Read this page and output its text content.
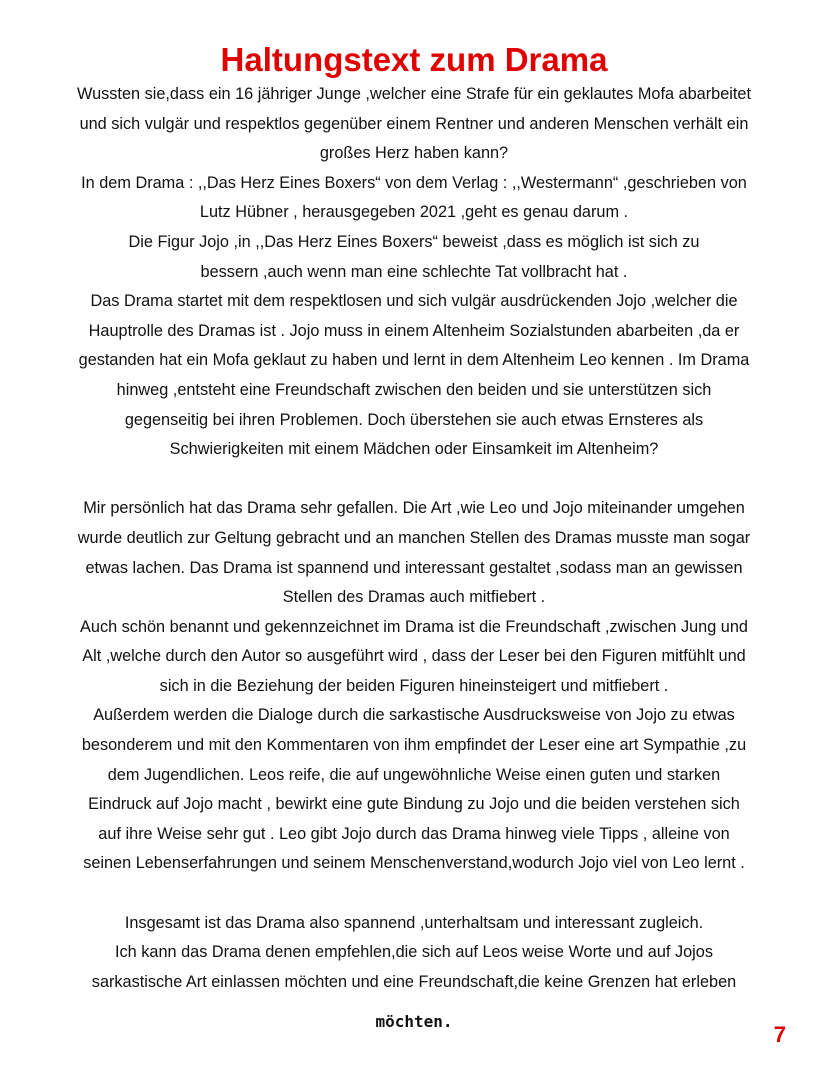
Haltungstext zum Drama
Wussten sie,dass ein 16 jähriger Junge ,welcher eine Strafe für ein geklautes Mofa abarbeitet
und sich vulgär und respektlos gegenüber einem Rentner und anderen Menschen verhält ein
großes Herz haben kann?
In dem Drama : ,,Das Herz Eines Boxers“ von dem Verlag : ,,Westermann“ ,geschrieben von
Lutz Hübner , herausgegeben 2021 ,geht es genau darum .
Die Figur Jojo ,in ,,Das Herz Eines Boxers“ beweist ,dass es möglich ist sich zu
bessern ,auch wenn man eine schlechte Tat vollbracht hat .
Das Drama startet mit dem respektlosen und sich vulgär ausdrückenden Jojo ,welcher die
Hauptrolle des Dramas ist . Jojo muss in einem Altenheim Sozialstunden abarbeiten ,da er
gestanden hat ein Mofa geklaut zu haben und lernt in dem Altenheim Leo kennen . Im Drama
hinweg ,entsteht eine Freundschaft zwischen den beiden und sie unterstützen sich
gegenseitig bei ihren Problemen. Doch überstehen sie auch etwas Ernsteres als
Schwierigkeiten mit einem Mädchen oder Einsamkeit im Altenheim?
Mir persönlich hat das Drama sehr gefallen. Die Art ,wie Leo und Jojo miteinander umgehen
wurde deutlich zur Geltung gebracht und an manchen Stellen des Dramas musste man sogar
etwas lachen. Das Drama ist spannend und interessant gestaltet ,sodass man an gewissen
Stellen des Dramas auch mitfiebert .
Auch schön benannt und gekennzeichnet im Drama ist die Freundschaft ,zwischen Jung und
Alt ,welche durch den Autor so ausgeführt wird , dass der Leser bei den Figuren mitfühlt und
sich in die Beziehung der beiden Figuren hineinsteigert und mitfiebert .
Außerdem werden die Dialoge durch die sarkastische Ausdrucksweise von Jojo zu etwas
besonderem und mit den Kommentaren von ihm empfindet der Leser eine art Sympathie ,zu
dem Jugendlichen. Leos reife, die auf ungewöhnliche Weise einen guten und starken
Eindruck auf Jojo macht , bewirkt eine gute Bindung zu Jojo und die beiden verstehen sich
auf ihre Weise sehr gut . Leo gibt Jojo durch das Drama hinweg viele Tipps , alleine von
seinen Lebenserfahrungen und seinem Menschenverstand,wodurch Jojo viel von Leo lernt .
Insgesamt ist das Drama also spannend ,unterhaltsam und interessant zugleich.
Ich kann das Drama denen empfehlen,die sich auf Leos weise Worte und auf Jojos
sarkastische Art einlassen möchten und eine Freundschaft,die keine Grenzen hat erleben
möchten.
7
